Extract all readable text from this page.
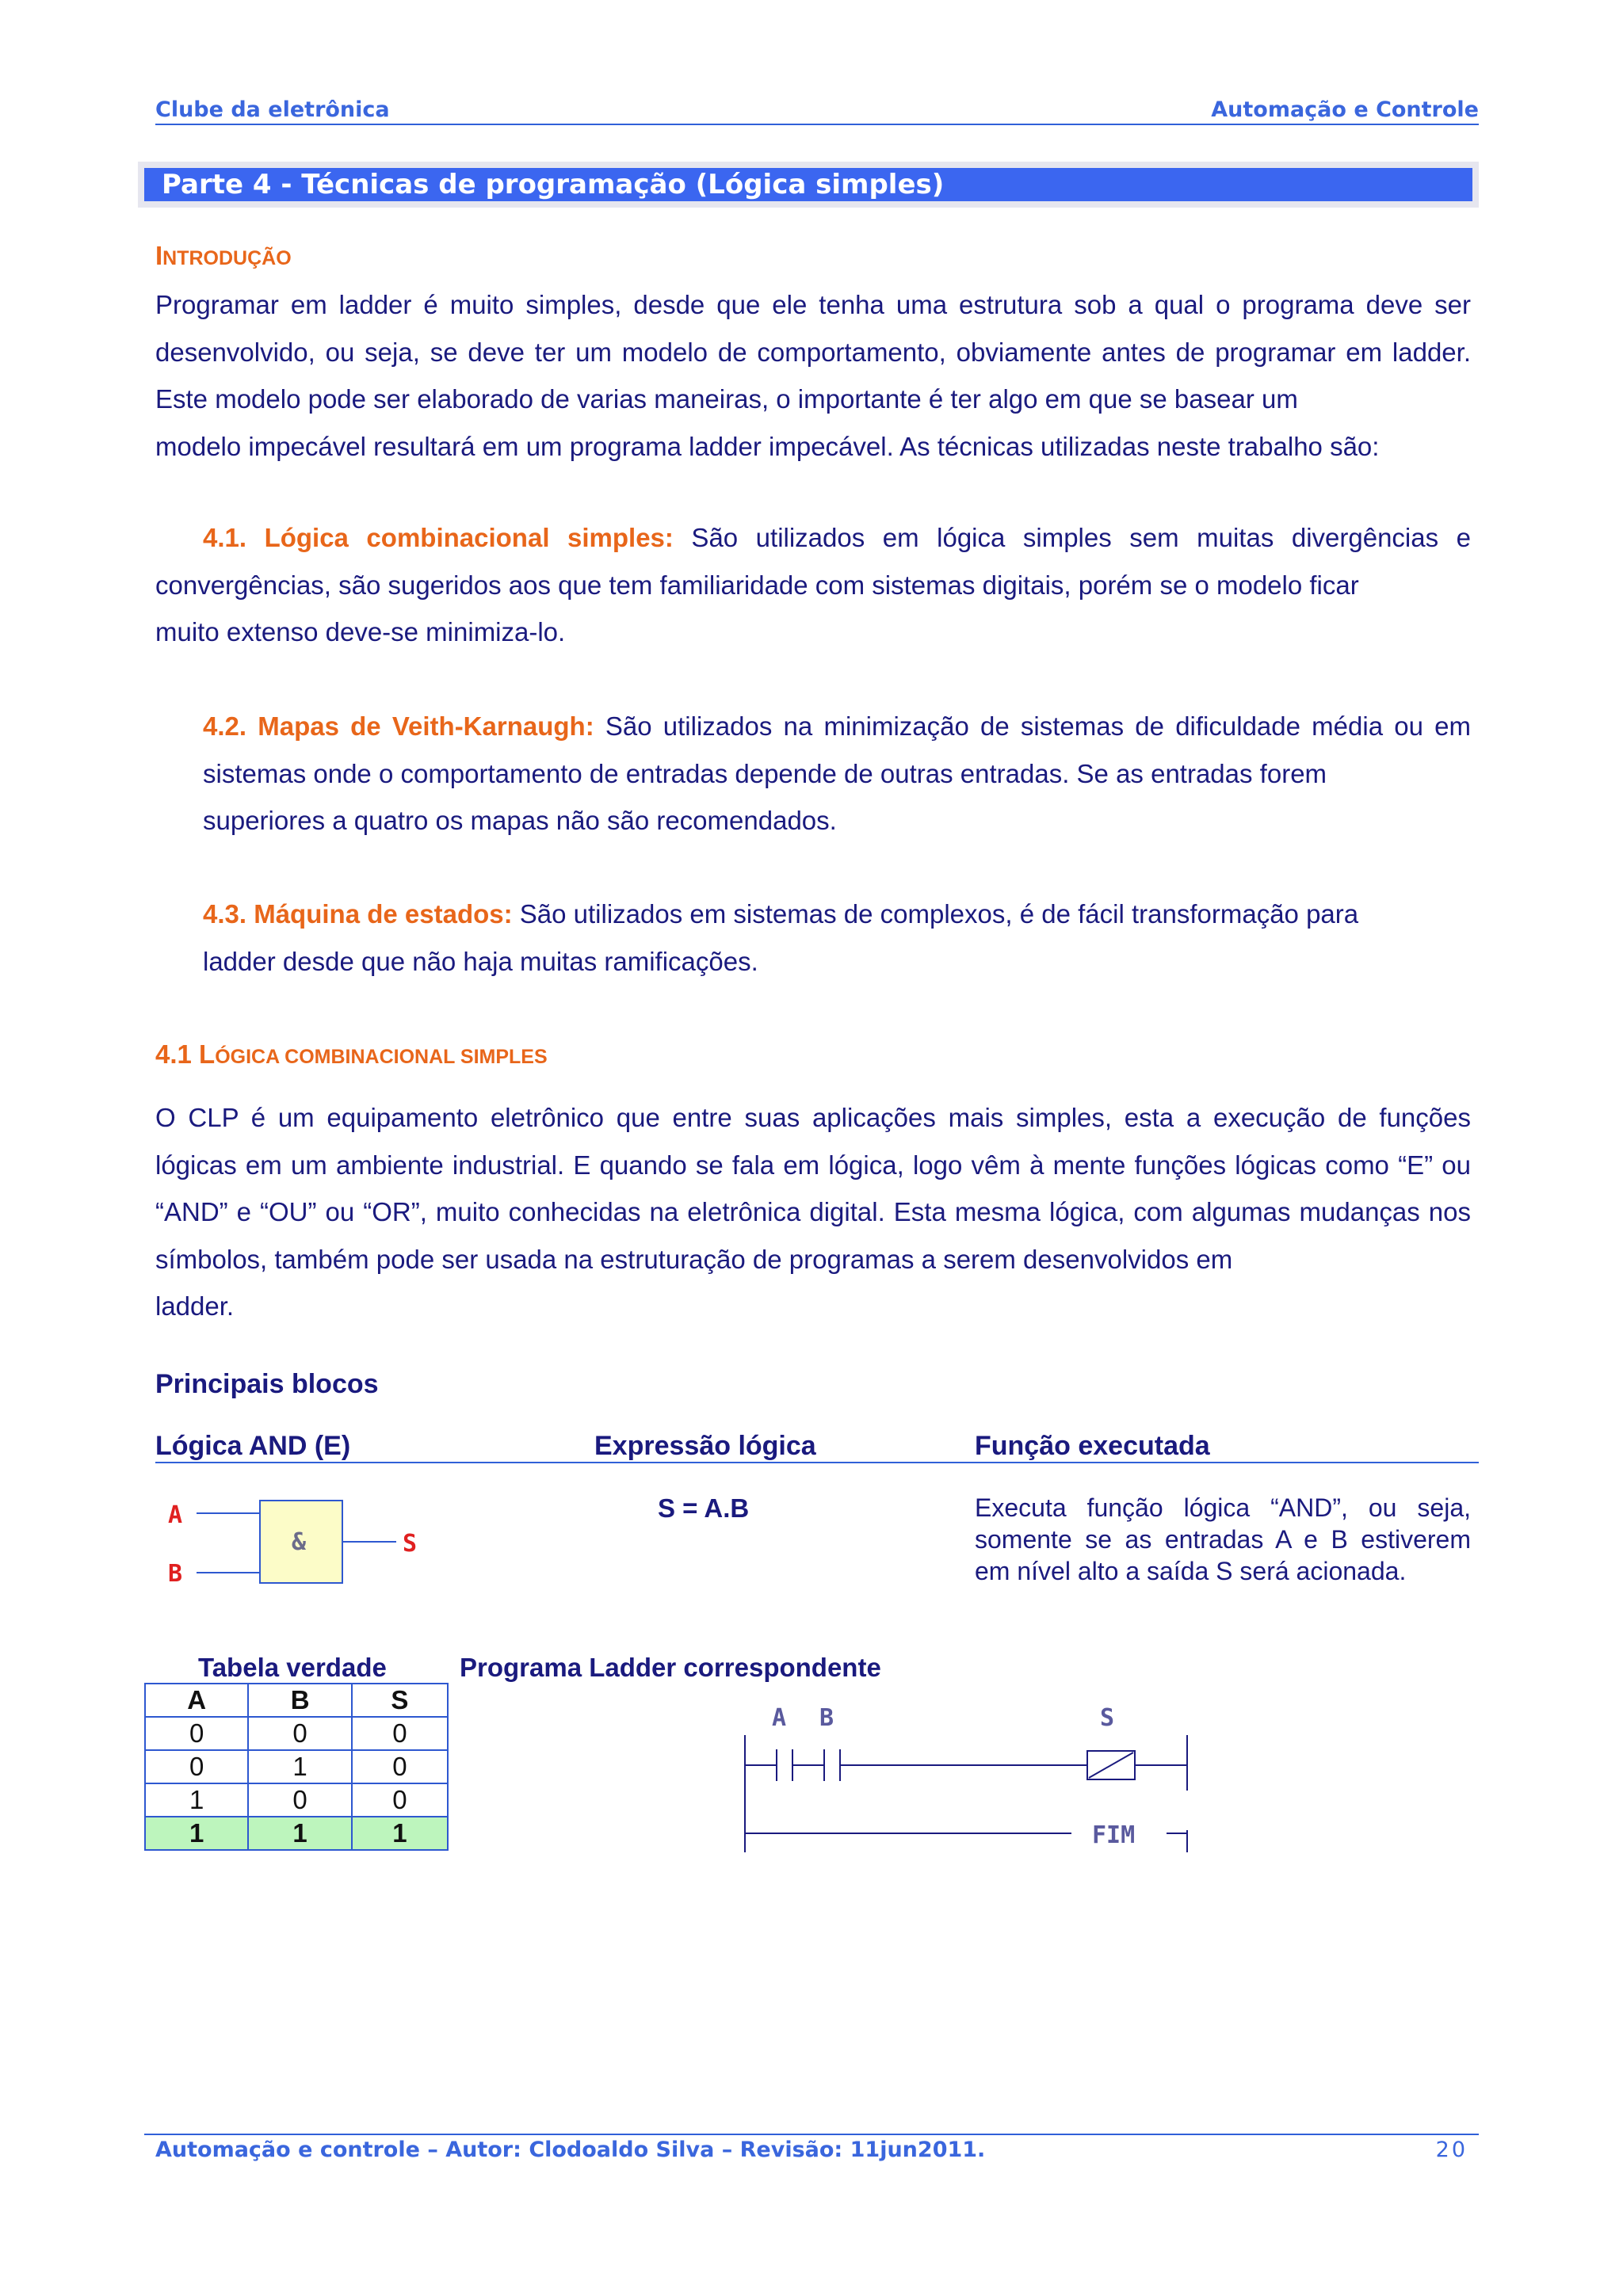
Clube da eletrônica	Automação e Controle
Parte 4 - Técnicas de programação (Lógica simples)
INTRODUÇÃO
Programar em ladder é muito simples, desde que ele tenha uma estrutura sob a qual o programa deve ser desenvolvido, ou seja, se deve ter um modelo de comportamento, obviamente antes de programar em ladder. Este modelo pode ser elaborado de varias maneiras, o importante é ter algo em que se basear um
modelo impecável resultará em um programa ladder impecável. As técnicas utilizadas neste trabalho são:
4.1. Lógica combinacional simples: São utilizados em lógica simples sem muitas divergências e convergências, são sugeridos aos que tem familiaridade com sistemas digitais, porém se o modelo ficar
muito extenso deve-se minimiza-lo.
4.2. Mapas de Veith-Karnaugh: São utilizados na minimização de sistemas de dificuldade média ou em sistemas onde o comportamento de entradas depende de outras entradas. Se as entradas forem
superiores a quatro os mapas não são recomendados.
4.3. Máquina de estados: São utilizados em sistemas de complexos, é de fácil transformação para
ladder desde que não haja muitas ramificações.
4.1 LÓGICA COMBINACIONAL SIMPLES
O CLP é um equipamento eletrônico que entre suas aplicações mais simples, esta a execução de funções lógicas em um ambiente industrial. E quando se fala em lógica, logo vêm à mente funções lógicas como “E” ou “AND” e “OU” ou “OR”, muito conhecidas na eletrônica digital. Esta mesma lógica, com algumas mudanças nos símbolos, também pode ser usada na estruturação de programas a serem desenvolvidos em
ladder.
Principais blocos
Lógica AND (E)	Expressão lógica	Função executada
A
B
&	S
S = A.B	Executa função lógica “AND”, ou seja, somente se as entradas A e B estiverem em nível alto a saída S será acionada.
Tabela verdade
A	B	S
0	0	0
0	1	0
1	0	0
1	1	1
Programa Ladder correspondente
A B	S
FIM
Automação e controle – Autor: Clodoaldo Silva – Revisão: 11jun2011.	20
